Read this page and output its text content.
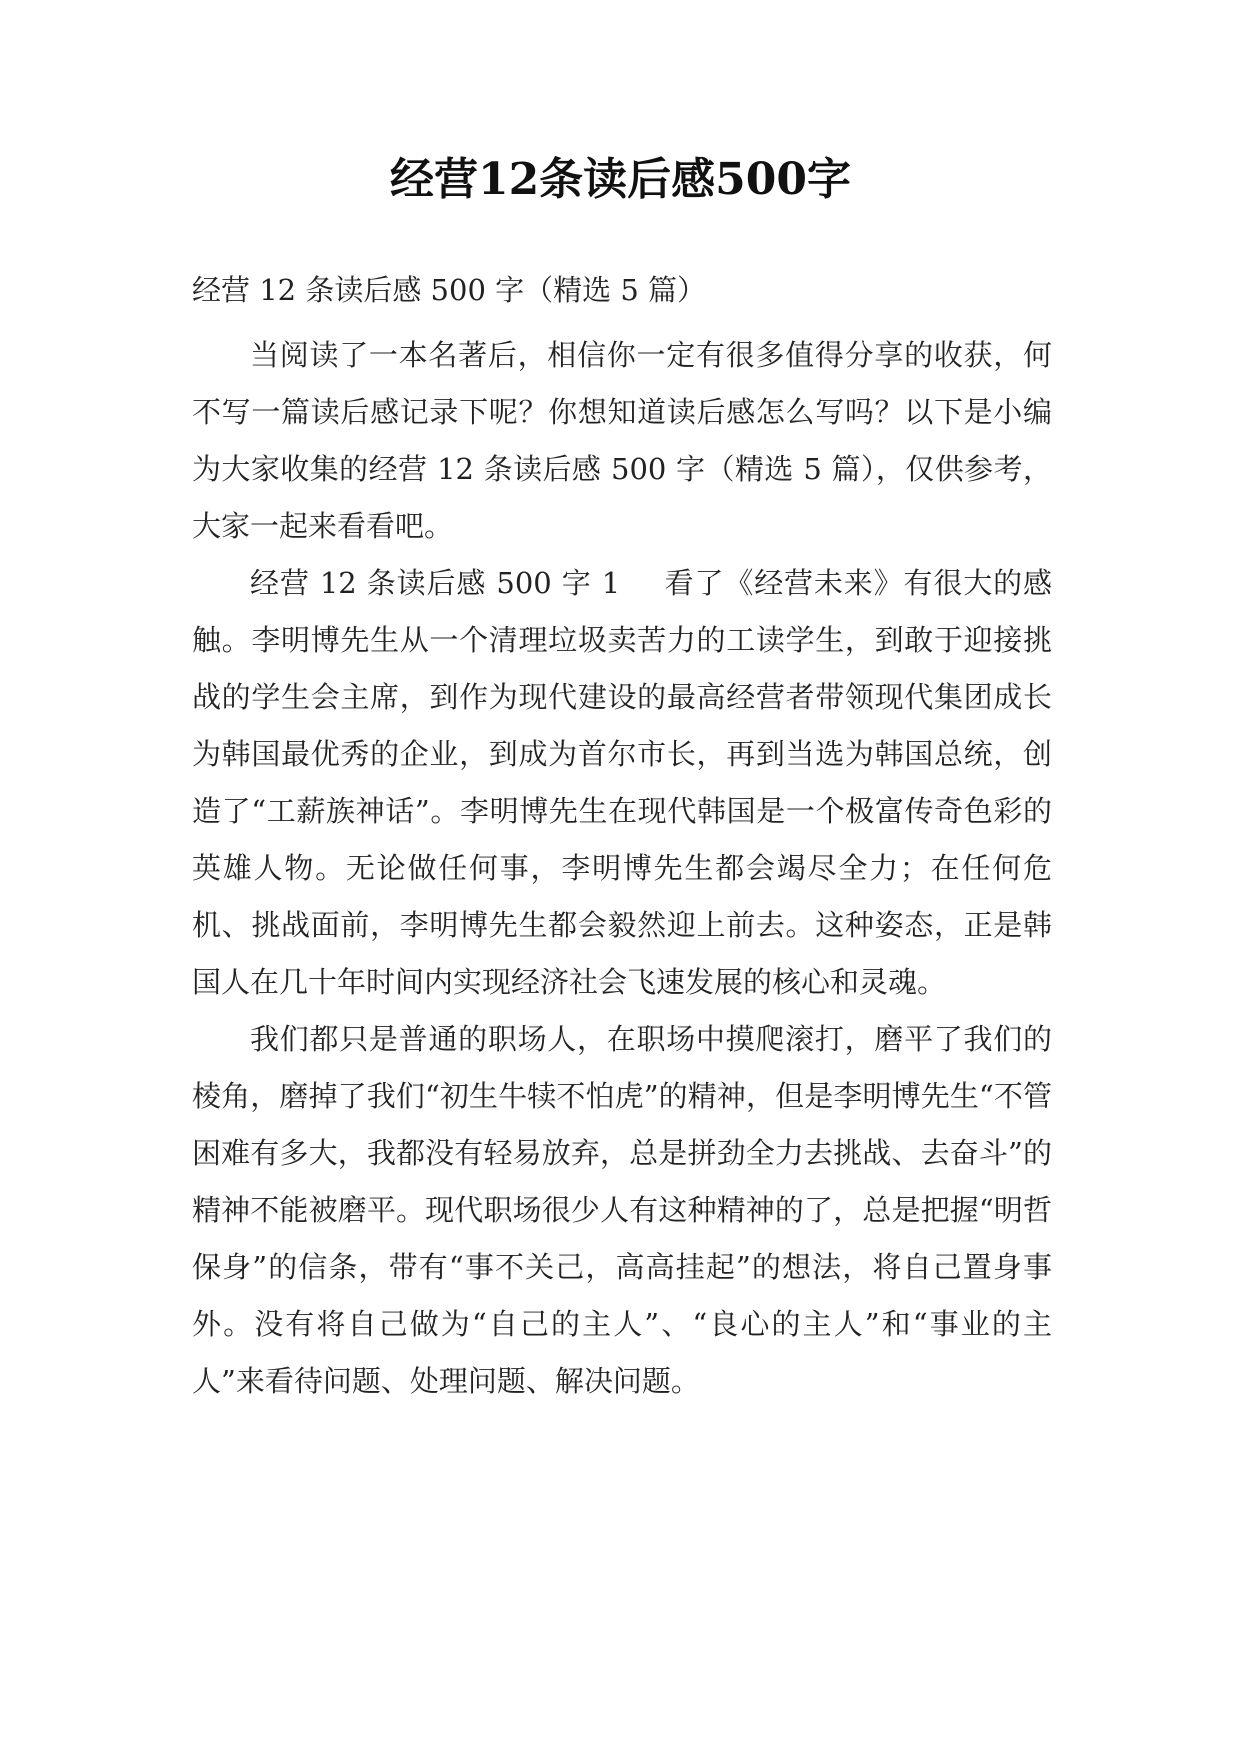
经营12条读后感500字

经营 12 条读后感 500 字（精选 5 篇）

当阅读了一本名著后，相信你一定有很多值得分享的收获，何不写一篇读后感记录下呢？你想知道读后感怎么写吗？以下是小编为大家收集的经营 12 条读后感 500 字（精选 5 篇），仅供参考，大家一起来看看吧。

经营 12 条读后感 500 字 1 看了《经营未来》有很大的感触。李明博先生从一个清理垃圾卖苦力的工读学生，到敢于迎接挑战的学生会主席，到作为现代建设的最高经营者带领现代集团成长为韩国最优秀的企业，到成为首尔市长，再到当选为韩国总统，创造了“工薪族神话”。李明博先生在现代韩国是一个极富传奇色彩的英雄人物。无论做任何事，李明博先生都会竭尽全力；在任何危机、挑战面前，李明博先生都会毅然迎上前去。这种姿态，正是韩国人在几十年时间内实现经济社会飞速发展的核心和灵魂。

我们都只是普通的职场人，在职场中摸爬滚打，磨平了我们的棱角，磨掉了我们“初生牛犊不怕虎”的精神，但是李明博先生“不管困难有多大，我都没有轻易放弃，总是拼劲全力去挑战、去奋斗”的精神不能被磨平。现代职场很少人有这种精神的了，总是把握“明哲保身”的信条，带有“事不关己，高高挂起”的想法，将自己置身事外。没有将自己做为“自己的主人”、“良心的主人”和“事业的主人”来看待问题、处理问题、解决问题。
